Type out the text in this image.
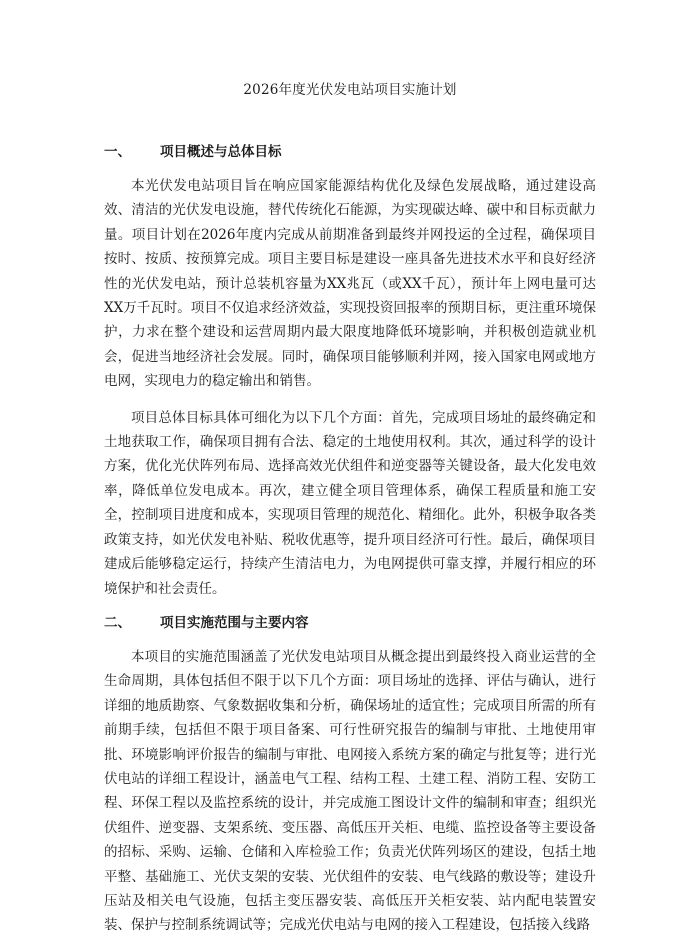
2026年度光伏发电站项目实施计划
一、 项目概述与总体目标

本光伏发电站项目旨在响应国家能源结构优化及绿色发展战略，通过建设高效、清洁的光伏发电设施，替代传统化石能源，为实现碳达峰、碳中和目标贡献力量。项目计划在2026年度内完成从前期准备到最终并网投运的全过程，确保项目按时、按质、按预算完成。项目主要目标是建设一座具备先进技术水平和良好经济性的光伏发电站，预计总装机容量为XX兆瓦（或XX千瓦），预计年上网电量可达XX万千瓦时。项目不仅追求经济效益，实现投资回报率的预期目标，更注重环境保护，力求在整个建设和运营周期内最大限度地降低环境影响，并积极创造就业机会，促进当地经济社会发展。同时，确保项目能够顺利并网，接入国家电网或地方电网，实现电力的稳定输出和销售。

项目总体目标具体可细化为以下几个方面：首先，完成项目场址的最终确定和土地获取工作，确保项目拥有合法、稳定的土地使用权利。其次，通过科学的设计方案，优化光伏阵列布局、选择高效光伏组件和逆变器等关键设备，最大化发电效率，降低单位发电成本。再次，建立健全项目管理体系，确保工程质量和施工安全，控制项目进度和成本，实现项目管理的规范化、精细化。此外，积极争取各类政策支持，如光伏发电补贴、税收优惠等，提升项目经济可行性。最后，确保项目建成后能够稳定运行，持续产生清洁电力，为电网提供可靠支撑，并履行相应的环境保护和社会责任。

二、 项目实施范围与主要内容

本项目的实施范围涵盖了光伏发电站项目从概念提出到最终投入商业运营的全生命周期，具体包括但不限于以下几个方面：项目场址的选择、评估与确认，进行详细的地质勘察、气象数据收集和分析，确保场址的适宜性；完成项目所需的所有前期手续，包括但不限于项目备案、可行性研究报告的编制与审批、土地使用审批、环境影响评价报告的编制与审批、电网接入系统方案的确定与批复等；进行光伏电站的详细工程设计，涵盖电气工程、结构工程、土建工程、消防工程、安防工程、环保工程以及监控系统的设计，并完成施工图设计文件的编制和审查；组织光伏组件、逆变器、支架系统、变压器、高低压开关柜、电缆、监控设备等主要设备的招标、采购、运输、仓储和入库检验工作；负责光伏阵列场区的建设，包括土地平整、基础施工、光伏支架的安装、光伏组件的安装、电气线路的敷设等；建设升压站及相关电气设施，包括主变压器安装、高低压开关柜安装、站内配电装置安装、保护与控制系统调试等；完成光伏电站与电网的接入工程建设，包括接入线路
